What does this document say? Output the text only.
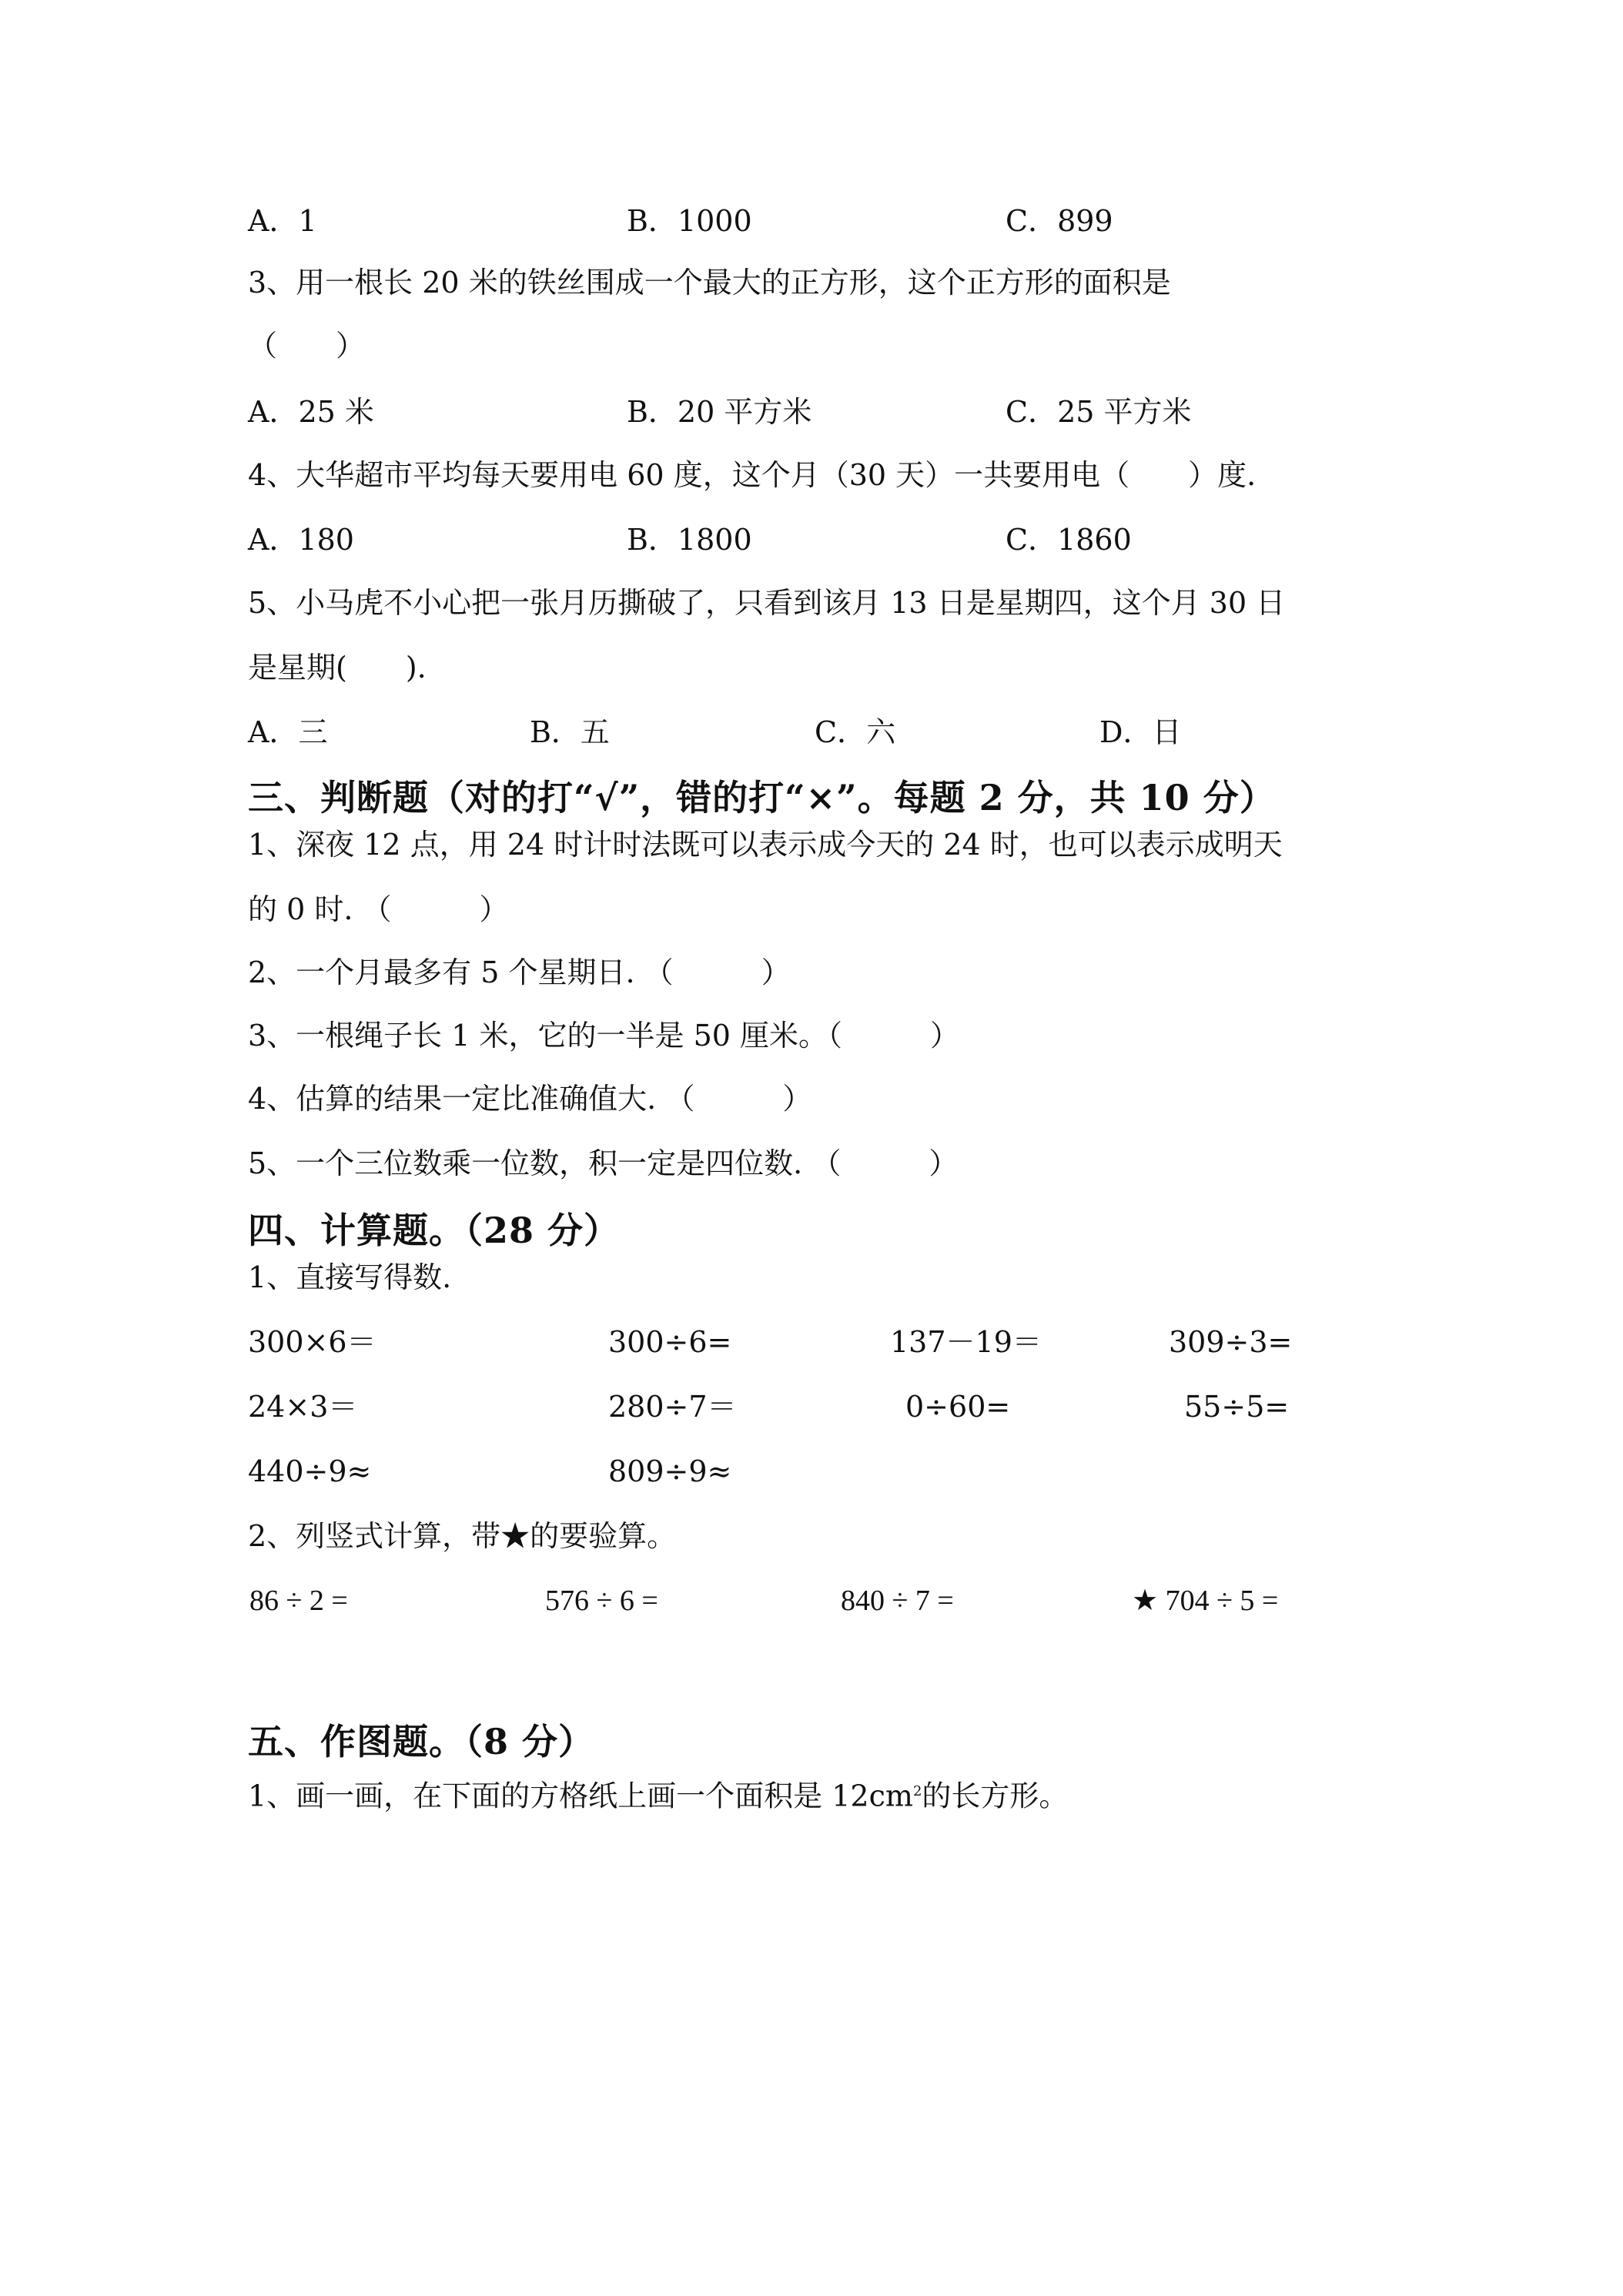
A．1	B．1000	C．899
3、用一根长 20 米的铁丝围成一个最大的正方形，这个正方形的面积是
（　　）
A．25 米	B．20 平方米	C．25 平方米
4、大华超市平均每天要用电 60 度，这个月（30 天）一共要用电（　　）度.
A．180	B．1800	C．1860
5、小马虎不小心把一张月历撕破了，只看到该月 13 日是星期四，这个月 30 日
是星期(　　).
A．三	B．五	C．六	D．日
三、判断题（对的打“√”，错的打“×”。每题 2 分，共 10 分）
1、深夜 12 点，用 24 时计时法既可以表示成今天的 24 时，也可以表示成明天
的 0 时. （　　　）
2、一个月最多有 5 个星期日. （　　　）
3、一根绳子长 1 米，它的一半是 50 厘米。（　　　）
4、估算的结果一定比准确值大. （　　　）
5、一个三位数乘一位数，积一定是四位数. （　　　）
四、计算题。（28 分）
1、直接写得数.
300×6＝	300÷6=	137－19＝	309÷3=
24×3＝	280÷7＝	0÷60=	55÷5=
440÷9≈	809÷9≈
2、列竖式计算，带★的要验算。
86 ÷ 2 =	576 ÷ 6 =	840 ÷ 7 =	★ 704 ÷ 5 =
五、作图题。（8 分）
1、画一画，在下面的方格纸上画一个面积是 $12cm^2$的长方形。
